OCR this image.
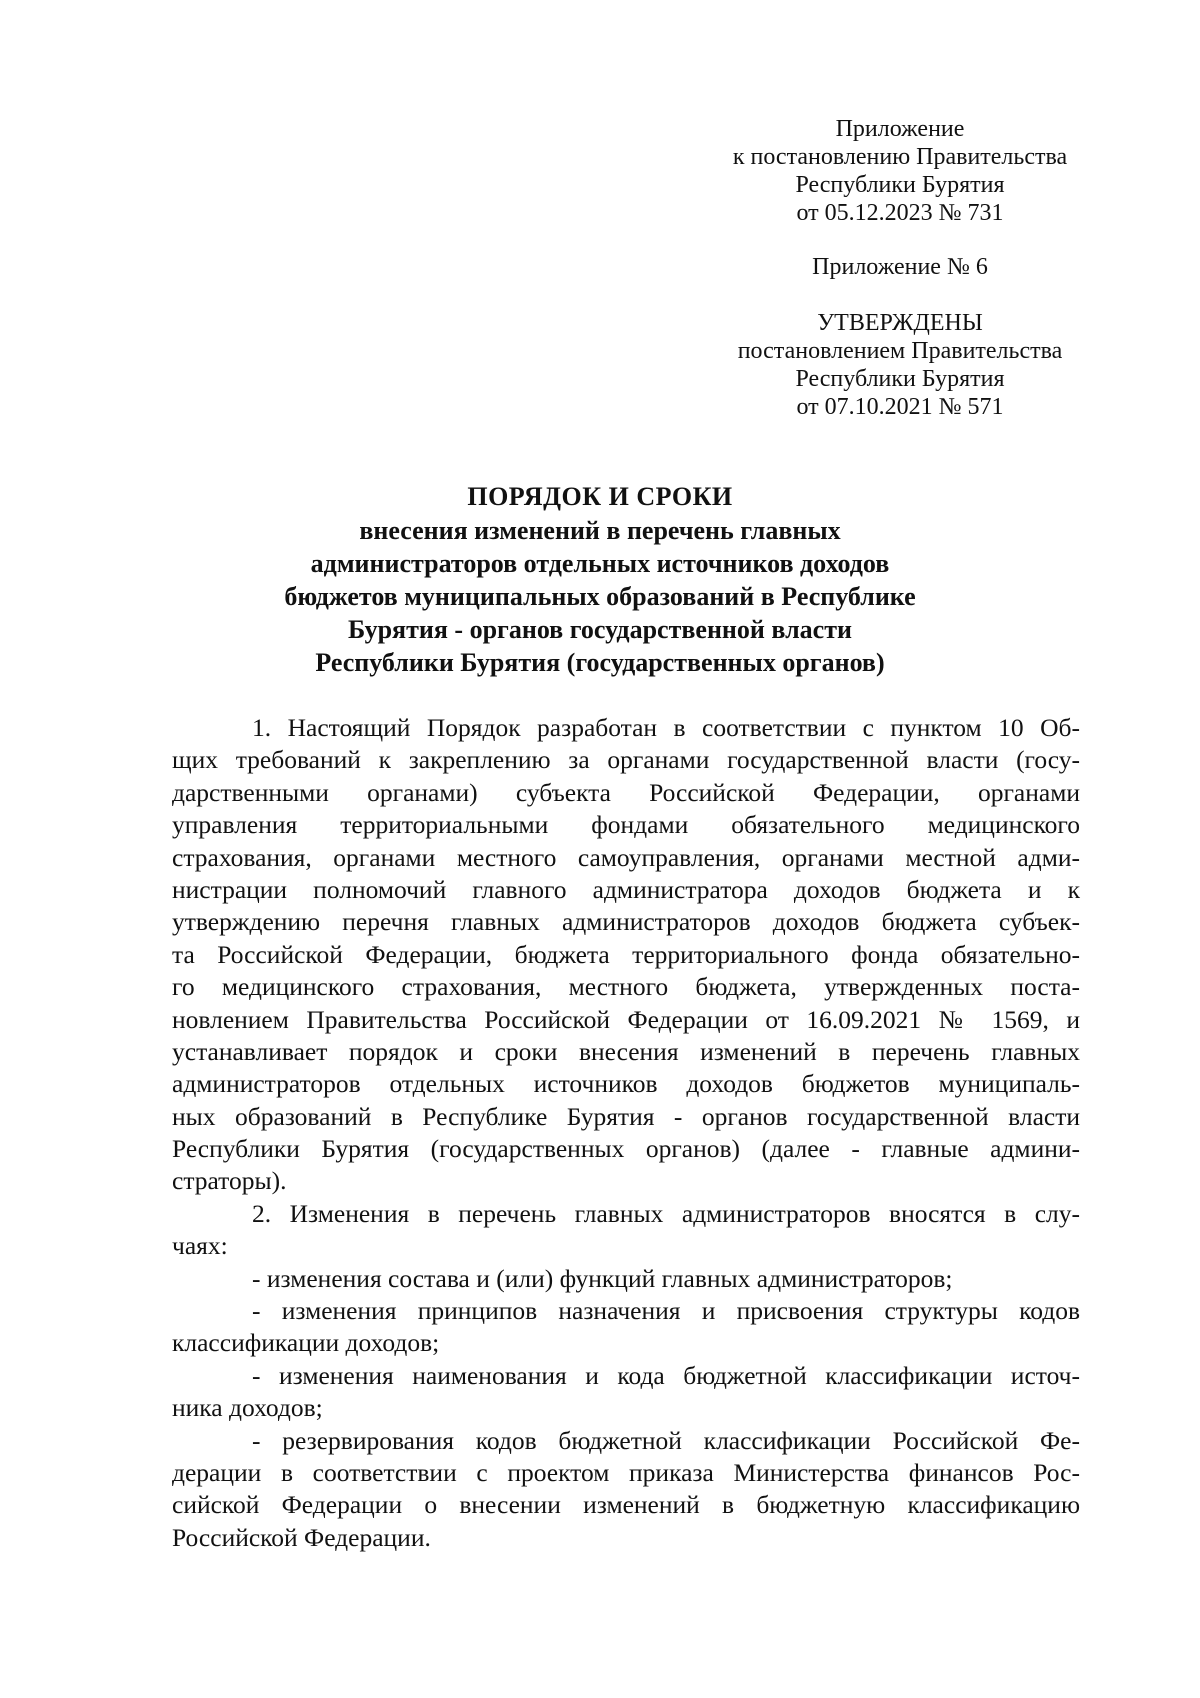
Приложение
к постановлению Правительства
Республики Бурятия
от 05.12.2023 № 731
Приложение № 6
УТВЕРЖДЕНЫ
постановлением Правительства
Республики Бурятия
от 07.10.2021 № 571
ПОРЯДОК И СРОКИ
внесения изменений в перечень главных
администраторов отдельных источников доходов
бюджетов муниципальных образований в Республике
Бурятия - органов государственной власти
Республики Бурятия (государственных органов)
1. Настоящий Порядок разработан в соответствии с пунктом 10 Об-
щих требований к закреплению за органами государственной власти (госу-
дарственными органами) субъекта Российской Федерации, органами
управления территориальными фондами обязательного медицинского
страхования, органами местного самоуправления, органами местной адми-
нистрации полномочий главного администратора доходов бюджета и к
утверждению перечня главных администраторов доходов бюджета субъек-
та Российской Федерации, бюджета территориального фонда обязательно-
го медицинского страхования, местного бюджета, утвержденных поста-
новлением Правительства Российской Федерации от 16.09.2021 № 1569, и
устанавливает порядок и сроки внесения изменений в перечень главных
администраторов отдельных источников доходов бюджетов муниципаль-
ных образований в Республике Бурятия - органов государственной власти
Республики Бурятия (государственных органов) (далее - главные админи-
страторы).
2. Изменения в перечень главных администраторов вносятся в слу-
чаях:
- изменения состава и (или) функций главных администраторов;
- изменения принципов назначения и присвоения структуры кодов
классификации доходов;
- изменения наименования и кода бюджетной классификации источ-
ника доходов;
- резервирования кодов бюджетной классификации Российской Фе-
дерации в соответствии с проектом приказа Министерства финансов Рос-
сийской Федерации о внесении изменений в бюджетную классификацию
Российской Федерации.
